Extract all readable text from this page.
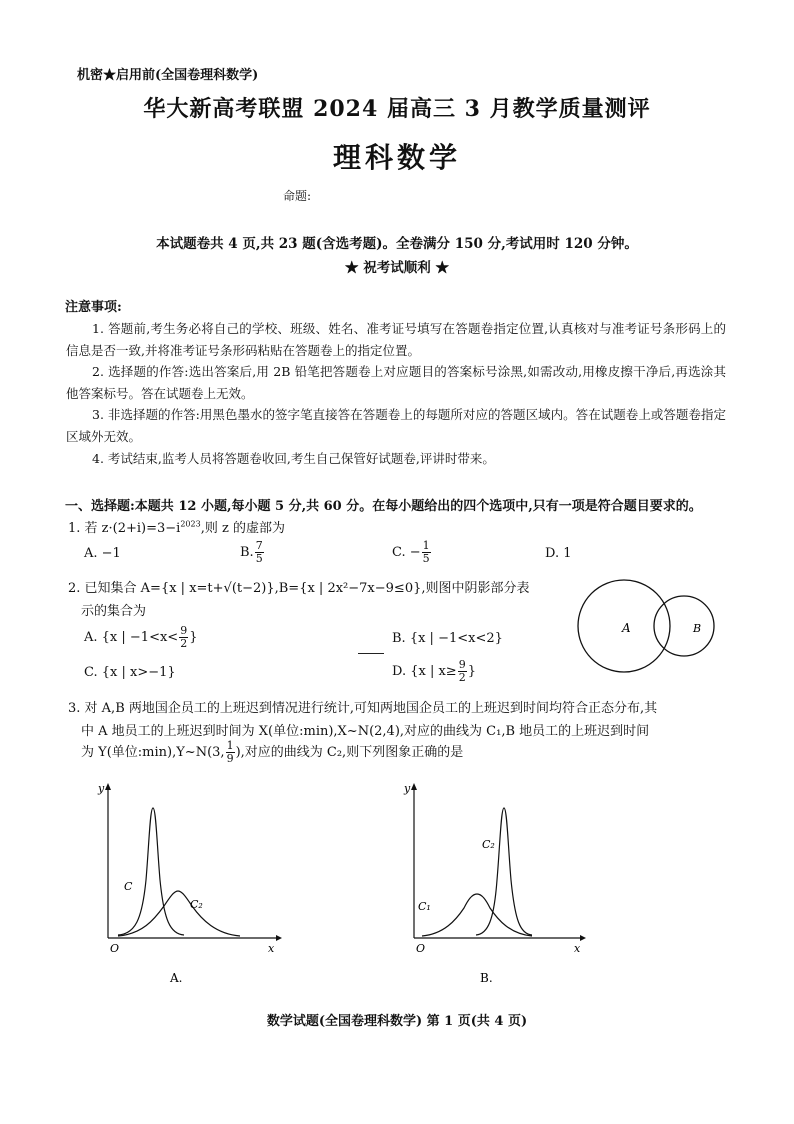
机密★启用前(全国卷理科数学)
华大新高考联盟 2024 届高三 3 月教学质量测评
理科数学
命题:
本试题卷共 4 页,共 23 题(含选考题)。全卷满分 150 分,考试用时 120 分钟。
★ 祝考试顺利 ★
注意事项:

1. 答题前,考生务必将自己的学校、班级、姓名、准考证号填写在答题卷指定位置,认真核对与准考证号条形码上的信息是否一致,并将准考证号条形码粘贴在答题卷上的指定位置。

2. 选择题的作答:选出答案后,用 2B 铅笔把答题卷上对应题目的答案标号涂黑,如需改动,用橡皮擦干净后,再选涂其他答案标号。答在试题卷上无效。

3. 非选择题的作答:用黑色墨水的签字笔直接答在答题卷上的每题所对应的答题区域内。答在试题卷上或答题卷指定区域外无效。

4. 考试结束,监考人员将答题卷收回,考生自己保管好试题卷,评讲时带来。

一、选择题:本题共 12 小题,每小题 5 分,共 60 分。在每小题给出的四个选项中,只有一项是符合题目要求的。
1. 若 $z\cdot(2+i)=3-i^{2023}$,则 z 的虚部为
A. −1	B. $\frac{7}{5}$	C. − $\frac{1}{5}$	D. 1
2. 已知集合 A={x | x=t+√(t−2)},B={x | 2x²−7x−9≤0},则图中阴影部分表
示的集合为
A. {x | $-1<x< \frac{9}{2}$ }	B. {x | −1<x<2}
C. {x | x>−1}	D. {x | $x\ge \frac{9}{2}$ }
A	B
3. 对 A,B 两地国企员工的上班迟到情况进行统计,可知两地国企员工的上班迟到时间均符合正态分布,其
中 A 地员工的上班迟到时间为 X(单位:min),X~N(2,4),对应的曲线为 C₁,B 地员工的上班迟到时间
为 Y(单位:min),Y~N(3, $\frac{1}{9}$ ),对应的曲线为 C₂,则下列图象正确的是
y
x
O
C
C₂
A.
y
x
O
C₁
C₂
B.
数学试题(全国卷理科数学) 第 1 页(共 4 页)
